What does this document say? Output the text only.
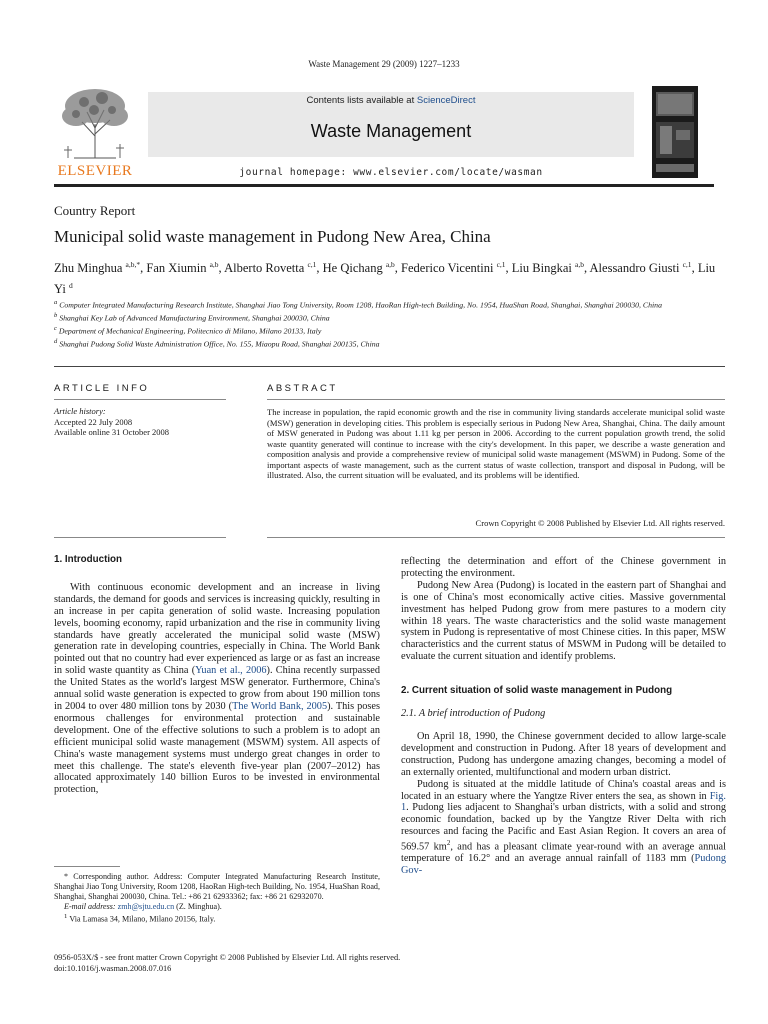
Waste Management 29 (2009) 1227–1233
ELSEVIER
Contents lists available at ScienceDirect
Waste Management
journal homepage: www.elsevier.com/locate/wasman
Country Report
Municipal solid waste management in Pudong New Area, China
Zhu Minghua $^{a,b,*}$, Fan Xiumin $^{a,b}$, Alberto Rovetta $^{c,1}$, He Qichang $^{a,b}$, Federico Vicentini $^{c,1}$, Liu Bingkai $^{a,b}$, Alessandro Giusti $^{c,1}$, Liu Yi $^d$
$^a$ Computer Integrated Manufacturing Research Institute, Shanghai Jiao Tong University, Room 1208, HaoRan High-tech Building, No. 1954, HuaShan Road, Shanghai, Shanghai 200030, China
$^b$ Shanghai Key Lab of Advanced Manufacturing Environment, Shanghai 200030, China
$^c$ Department of Mechanical Engineering, Politecnico di Milano, Milano 20133, Italy
$^d$ Shanghai Pudong Solid Waste Administration Office, No. 155, Miaopu Road, Shanghai 200135, China
ARTICLE INFO	ABSTRACT
Article history:
Accepted 22 July 2008
Available online 31 October 2008
The increase in population, the rapid economic growth and the rise in community living standards accelerate municipal solid waste (MSW) generation in developing cities. This problem is especially serious in Pudong New Area, Shanghai, China. The daily amount of MSW generated in Pudong was about 1.11 kg per person in 2006. According to the current population growth trend, the solid waste quantity generated will continue to increase with the city's development. In this paper, we describe a waste generation and composition analysis and provide a comprehensive review of municipal solid waste management (MSWM) in Pudong. Some of the important aspects of waste management, such as the current status of waste collection, transport and disposal in Pudong, will be illustrated. Also, the current situation will be evaluated, and its problems will be identified.
Crown Copyright © 2008 Published by Elsevier Ltd. All rights reserved.
1. Introduction

With continuous economic development and an increase in living standards, the demand for goods and services is increasing quickly, resulting in an increase in per capita generation of solid waste. Increasing population levels, booming economy, rapid urbanization and the rise in community living standards have greatly accelerated the municipal solid waste (MSW) generation rate in developing countries, especially in China. The World Bank pointed out that no country had ever experienced as large or as fast an increase in solid waste quantity as China (Yuan et al., 2006). China recently surpassed the United States as the world's largest MSW generator. Furthermore, China's annual solid waste generation is expected to grow from about 190 million tons in 2004 to over 480 million tons by 2030 (The World Bank, 2005). This poses enormous challenges for environmental protection and sustainable development. One of the effective solutions to such a problem is to adopt an efficient municipal solid waste management (MSWM) system. All aspects of China's waste management systems must undergo great changes in order to meet this challenge. The state's eleventh five-year plan (2007–2012) has allocated approximately 140 billion Euros to be invested in environmental protection,

* Corresponding author. Address: Computer Integrated Manufacturing Research Institute, Shanghai Jiao Tong University, Room 1208, HaoRan High-tech Building, No. 1954, HuaShan Road, Shanghai, Shanghai 200030, China. Tel.: +86 21 62933362; fax: +86 21 62932070.

E-mail address: zmh@sjtu.edu.cn (Z. Minghua).

$^1$ Via Lamasa 34, Milano, Milano 20156, Italy.

reflecting the determination and effort of the Chinese government in protecting the environment.

Pudong New Area (Pudong) is located in the eastern part of Shanghai and is one of China's most economically active cities. Massive governmental investment has helped Pudong grow from mere pastures to a modern city within 18 years. The waste characteristics and the solid waste management system in Pudong is representative of most Chinese cities. In this paper, MSW characteristics and the current status of MSWM in Pudong will be detailed to evaluate the current situation and identify problems.

2. Current situation of solid waste management in Pudong
2.1. A brief introduction of Pudong

On April 18, 1990, the Chinese government decided to allow large-scale development and construction in Pudong. After 18 years of development and construction, Pudong has undergone amazing changes, becoming a model of an externally oriented, multifunctional and modern urban district.

Pudong is situated at the middle latitude of China's coastal areas and is located in an estuary where the Yangtze River enters the sea, as shown in Fig. 1. Pudong lies adjacent to Shanghai's urban districts, with a solid and strong economic foundation, backed up by the Yangtze River Delta with rich resources and facing the Pacific and East Asian Region. It covers an area of 569.57 $km^2$, and has a pleasant climate year-round with an average annual temperature of 16.2° and an average annual rainfall of 1183 mm (Pudong Gov-

0956-053X/$ - see front matter Crown Copyright © 2008 Published by Elsevier Ltd. All rights reserved.
doi:10.1016/j.wasman.2008.07.016
